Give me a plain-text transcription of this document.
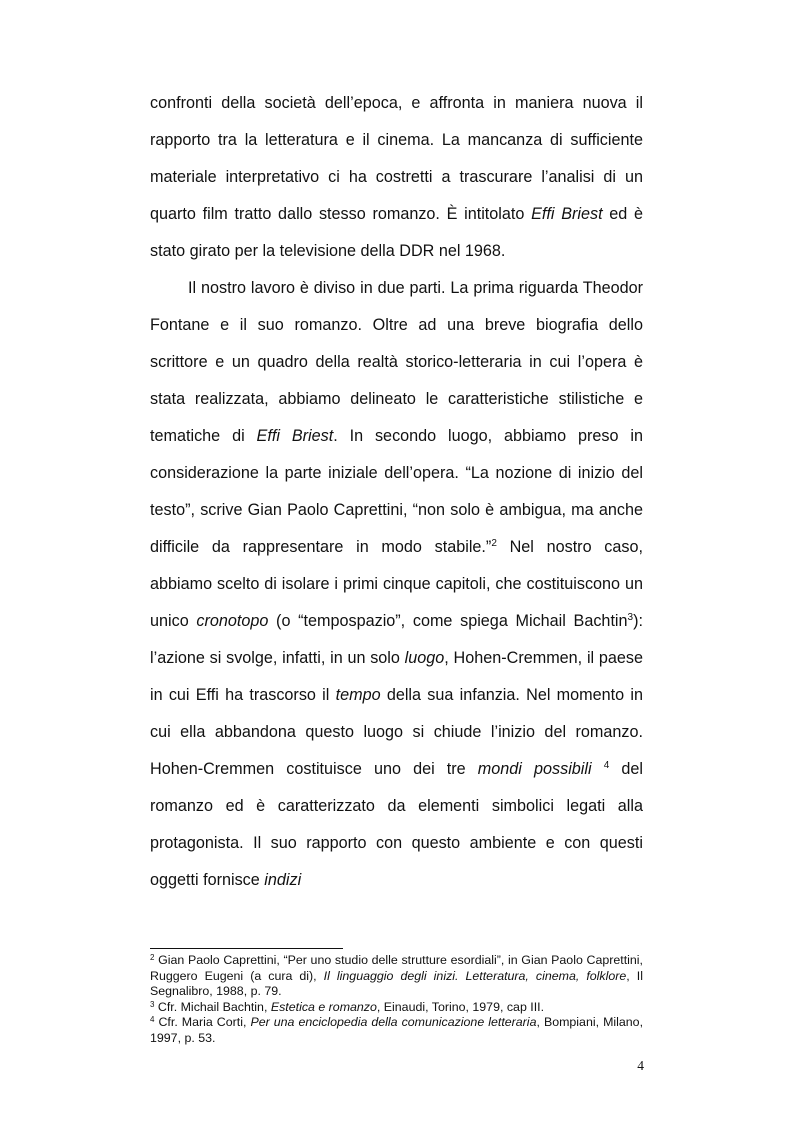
confronti della società dell’epoca, e affronta in maniera nuova il rapporto tra la letteratura e il cinema. La mancanza di sufficiente materiale interpretativo ci ha costretti a trascurare l’analisi di un quarto film tratto dallo stesso romanzo. È intitolato Effi Briest ed è stato girato per la televisione della DDR nel 1968.

Il nostro lavoro è diviso in due parti. La prima riguarda Theodor Fontane e il suo romanzo. Oltre ad una breve biografia dello scrittore e un quadro della realtà storico-letteraria in cui l’opera è stata realizzata, abbiamo delineato le caratteristiche stilistiche e tematiche di Effi Briest. In secondo luogo, abbiamo preso in considerazione la parte iniziale dell’opera. “La nozione di inizio del testo”, scrive Gian Paolo Caprettini, “non solo è ambigua, ma anche difficile da rappresentare in modo stabile.”$^2$ Nel nostro caso, abbiamo scelto di isolare i primi cinque capitoli, che costituiscono un unico cronotopo (o “tempospazio”, come spiega Michail Bachtin$^3$): l’azione si svolge, infatti, in un solo luogo, Hohen-Cremmen, il paese in cui Effi ha trascorso il tempo della sua infanzia. Nel momento in cui ella abbandona questo luogo si chiude l’inizio del romanzo. Hohen-Cremmen costituisce uno dei tre mondi possibili $^4$ del romanzo ed è caratterizzato da elementi simbolici legati alla protagonista. Il suo rapporto con questo ambiente e con questi oggetti fornisce indizi

$^2$ Gian Paolo Caprettini, “Per uno studio delle strutture esordiali”, in Gian Paolo Caprettini, Ruggero Eugeni (a cura di), Il linguaggio degli inizi. Letteratura, cinema, folklore, Il Segnalibro, 1988, p. 79.

$^3$ Cfr. Michail Bachtin, Estetica e romanzo, Einaudi, Torino, 1979, cap III.

$^4$ Cfr. Maria Corti, Per una enciclopedia della comunicazione letteraria, Bompiani, Milano, 1997, p. 53.

4
